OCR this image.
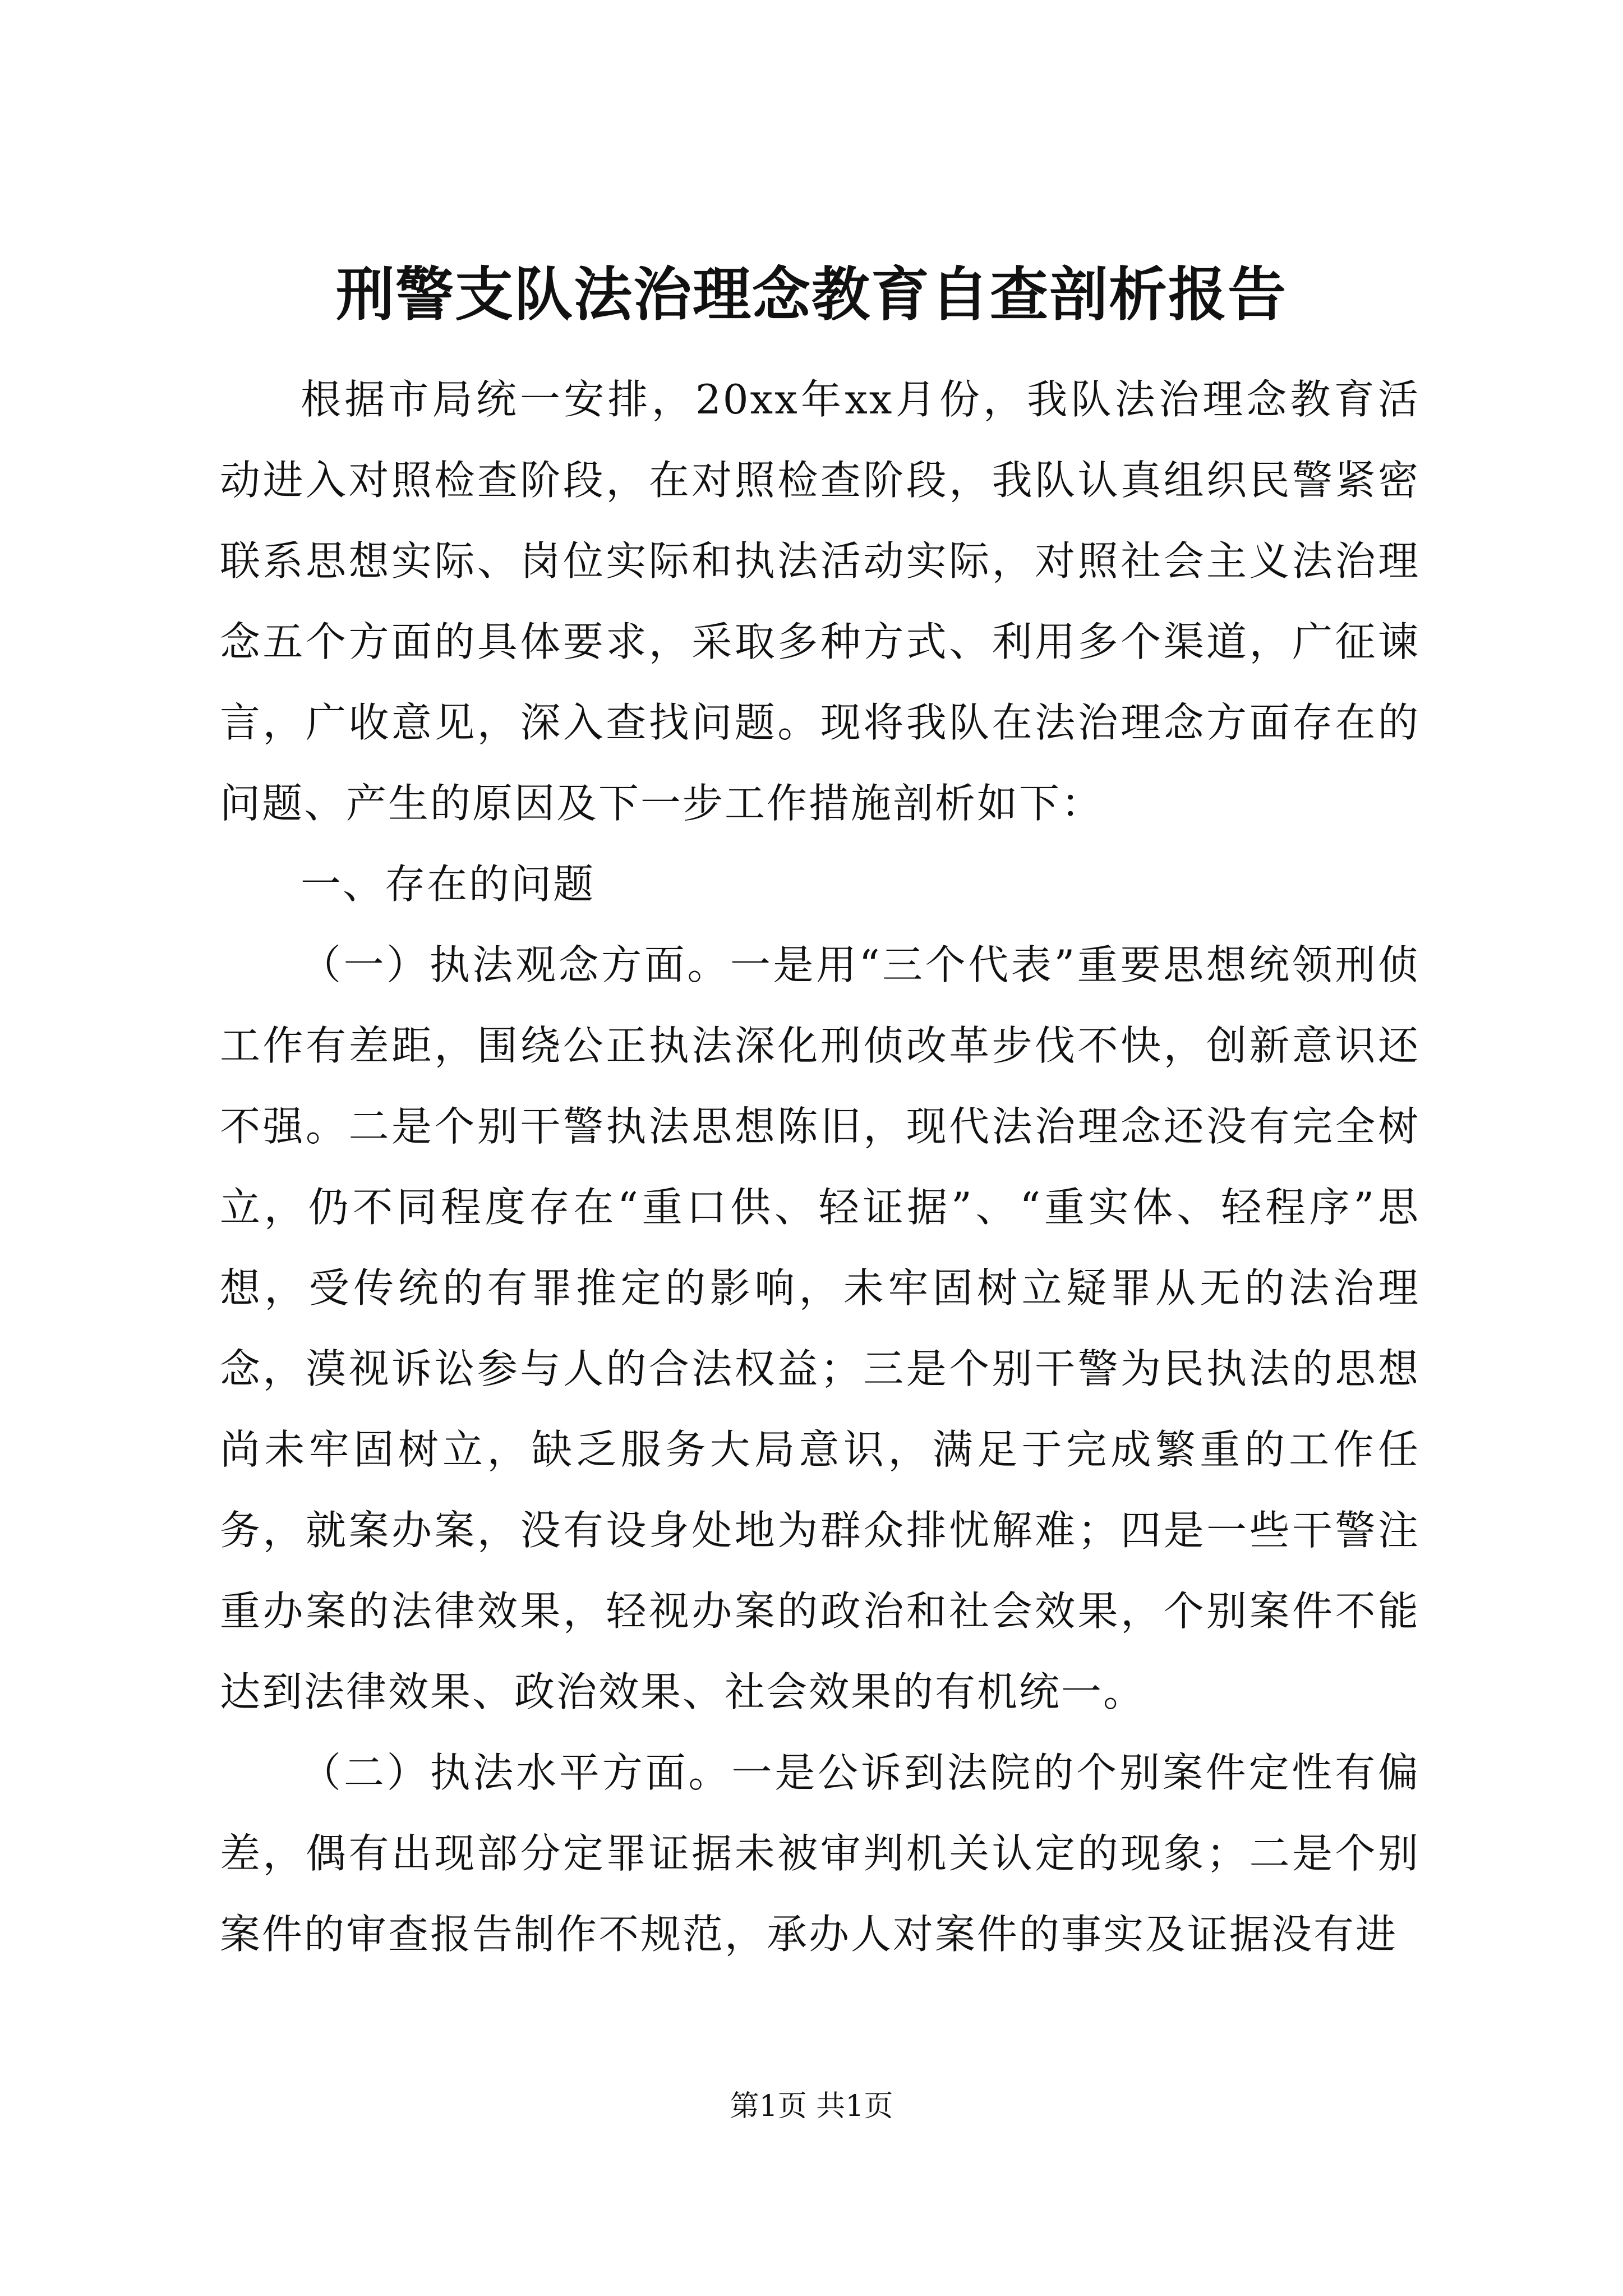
刑警支队法治理念教育自查剖析报告

根据市局统一安排，20xx年xx月份，我队法治理念教育活动进入对照检查阶段，在对照检查阶段，我队认真组织民警紧密联系思想实际、岗位实际和执法活动实际，对照社会主义法治理念五个方面的具体要求，采取多种方式、利用多个渠道，广征谏言，广收意见，深入查找问题。现将我队在法治理念方面存在的问题、产生的原因及下一步工作措施剖析如下：

一、存在的问题

（一）执法观念方面。一是用“三个代表”重要思想统领刑侦工作有差距，围绕公正执法深化刑侦改革步伐不快，创新意识还不强。二是个别干警执法思想陈旧，现代法治理念还没有完全树立，仍不同程度存在“重口供、轻证据”、“重实体、轻程序”思想，受传统的有罪推定的影响，未牢固树立疑罪从无的法治理念，漠视诉讼参与人的合法权益；三是个别干警为民执法的思想尚未牢固树立，缺乏服务大局意识，满足于完成繁重的工作任务，就案办案，没有设身处地为群众排忧解难；四是一些干警注重办案的法律效果，轻视办案的政治和社会效果，个别案件不能达到法律效果、政治效果、社会效果的有机统一。

（二）执法水平方面。一是公诉到法院的个别案件定性有偏差，偶有出现部分定罪证据未被审判机关认定的现象；二是个别案件的审查报告制作不规范，承办人对案件的事实及证据没有进

第1页 共1页
